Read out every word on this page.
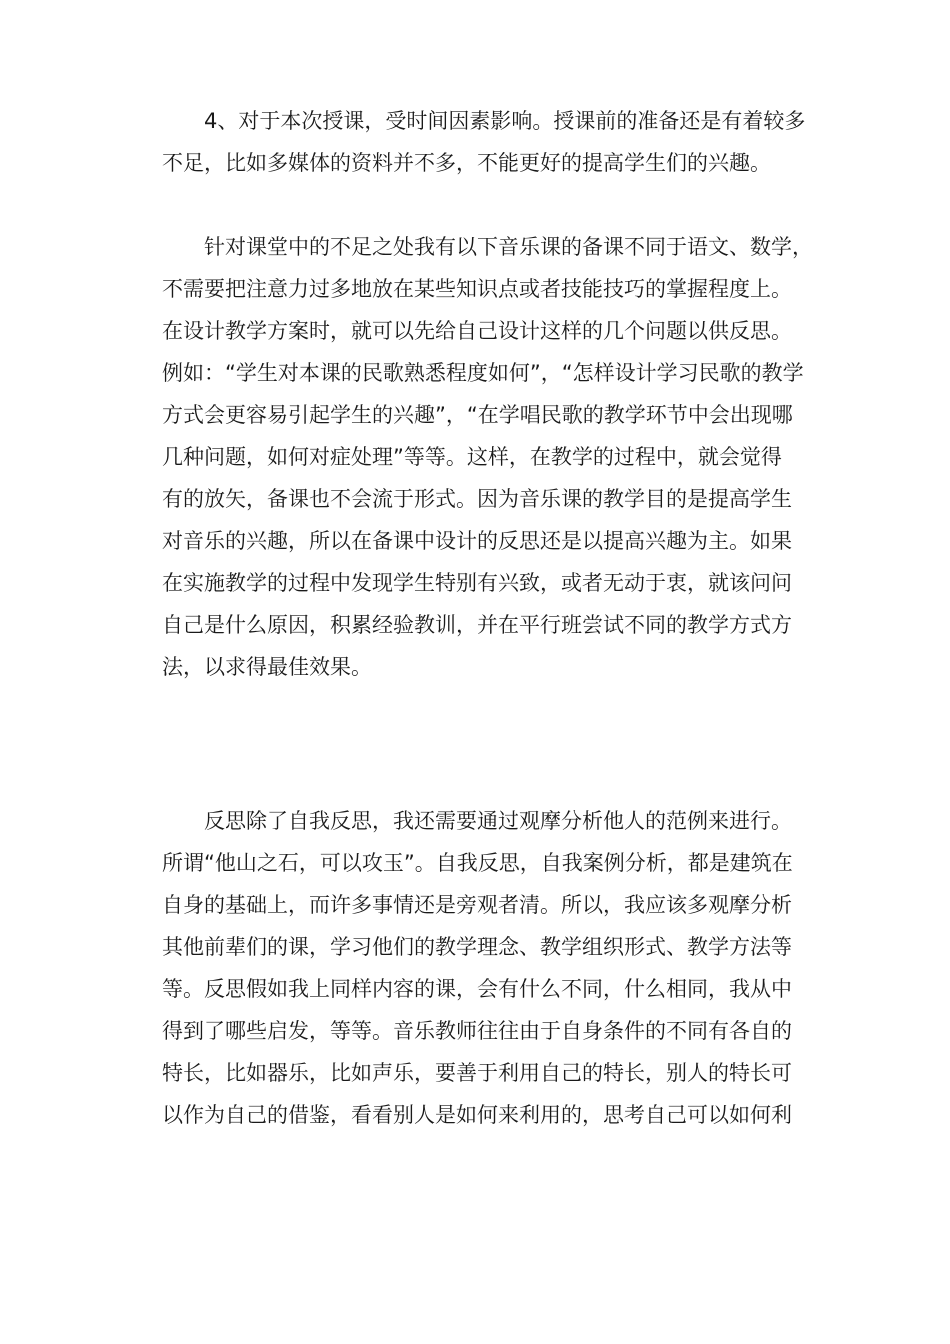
4、对于本次授课，受时间因素影响。授课前的准备还是有着较多
不足，比如多媒体的资料并不多，不能更好的提高学生们的兴趣。
针对课堂中的不足之处我有以下音乐课的备课不同于语文、数学，
不需要把注意力过多地放在某些知识点或者技能技巧的掌握程度上。
在设计教学方案时，就可以先给自己设计这样的几个问题以供反思。
例如：“学生对本课的民歌熟悉程度如何”，“怎样设计学习民歌的教学
方式会更容易引起学生的兴趣”，“在学唱民歌的教学环节中会出现哪
几种问题，如何对症处理”等等。这样，在教学的过程中，就会觉得
有的放矢，备课也不会流于形式。因为音乐课的教学目的是提高学生
对音乐的兴趣，所以在备课中设计的反思还是以提高兴趣为主。如果
在实施教学的过程中发现学生特别有兴致，或者无动于衷，就该问问
自己是什么原因，积累经验教训，并在平行班尝试不同的教学方式方
法，以求得最佳效果。
反思除了自我反思，我还需要通过观摩分析他人的范例来进行。
所谓“他山之石，可以攻玉”。自我反思，自我案例分析，都是建筑在
自身的基础上，而许多事情还是旁观者清。所以，我应该多观摩分析
其他前辈们的课，学习他们的教学理念、教学组织形式、教学方法等
等。反思假如我上同样内容的课，会有什么不同，什么相同，我从中
得到了哪些启发，等等。音乐教师往往由于自身条件的不同有各自的
特长，比如器乐，比如声乐，要善于利用自己的特长，别人的特长可
以作为自己的借鉴，看看别人是如何来利用的，思考自己可以如何利
